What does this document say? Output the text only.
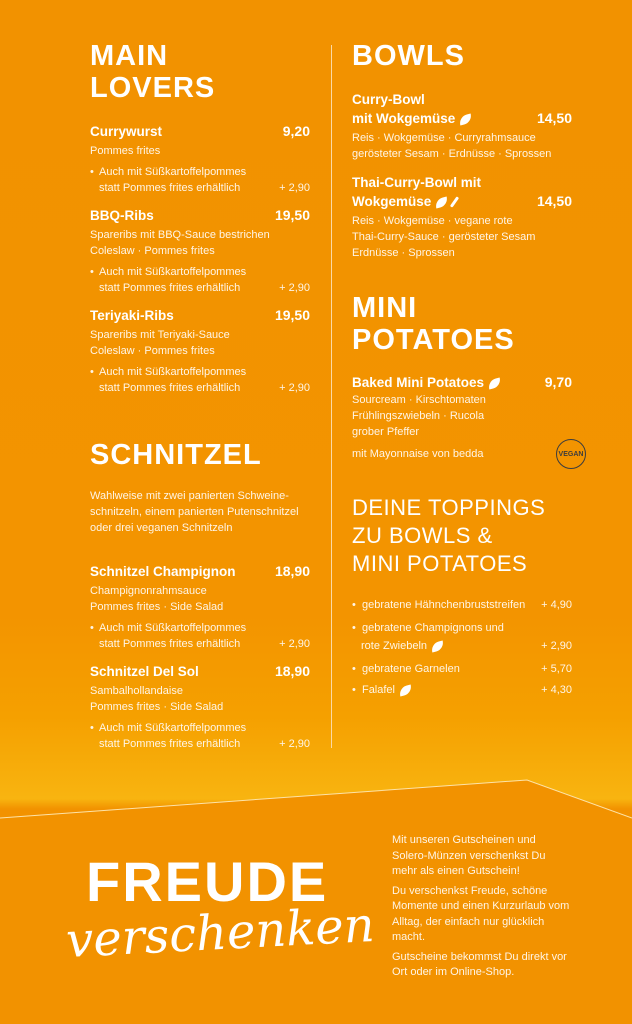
MAIN
LOVERS
Currywurst	9,20
Pommes frites
• Auch mit Süßkartoffelpommes
statt Pommes frites erhältlich	+ 2,90
BBQ-Ribs	19,50
Spareribs mit BBQ-Sauce bestrichen
Coleslaw · Pommes frites
• Auch mit Süßkartoffelpommes
statt Pommes frites erhältlich	+ 2,90
Teriyaki-Ribs	19,50
Spareribs mit Teriyaki-Sauce
Coleslaw · Pommes frites
• Auch mit Süßkartoffelpommes
statt Pommes frites erhältlich	+ 2,90
SCHNITZEL
Wahlweise mit zwei panierten Schweine-
schnitzeln, einem panierten Putenschnitzel
oder drei veganen Schnitzeln
Schnitzel Champignon	18,90
Champignonrahmsauce
Pommes frites · Side Salad
• Auch mit Süßkartoffelpommes
statt Pommes frites erhältlich	+ 2,90
Schnitzel Del Sol	18,90
Sambalhollandaise
Pommes frites · Side Salad
• Auch mit Süßkartoffelpommes
statt Pommes frites erhältlich	+ 2,90
BOWLS
Curry-Bowl
mit Wokgemüse	14,50
Reis · Wokgemüse · Curryrahmsauce
gerösteter Sesam · Erdnüsse · Sprossen
Thai-Curry-Bowl mit
Wokgemüse	14,50
Reis · Wokgemüse · vegane rote
Thai-Curry-Sauce · gerösteter Sesam
Erdnüsse · Sprossen
MINI
POTATOES
Baked Mini Potatoes	9,70
Sourcream · Kirschtomaten
Frühlingszwiebeln · Rucola
grober Pfeffer
mit Mayonnaise von bedda	VEGAN
DEINE TOPPINGS
ZU BOWLS &
MINI POTATOES
•  gebratene Hähnchenbruststreifen + 4,90
•  gebratene Champignons und
rote Zwiebeln	+ 2,90
•  gebratene Garnelen	+ 5,70
•  Falafel	+ 4,30
FREUDE
verschenken

Mit unseren Gutscheinen und Solero-Münzen verschenkst Du mehr als einen Gutschein!

Du verschenkst Freude, schöne Momente und einen Kurzurlaub vom Alltag, der einfach nur glücklich macht.

Gutscheine bekommst Du direkt vor Ort oder im Online-Shop.
